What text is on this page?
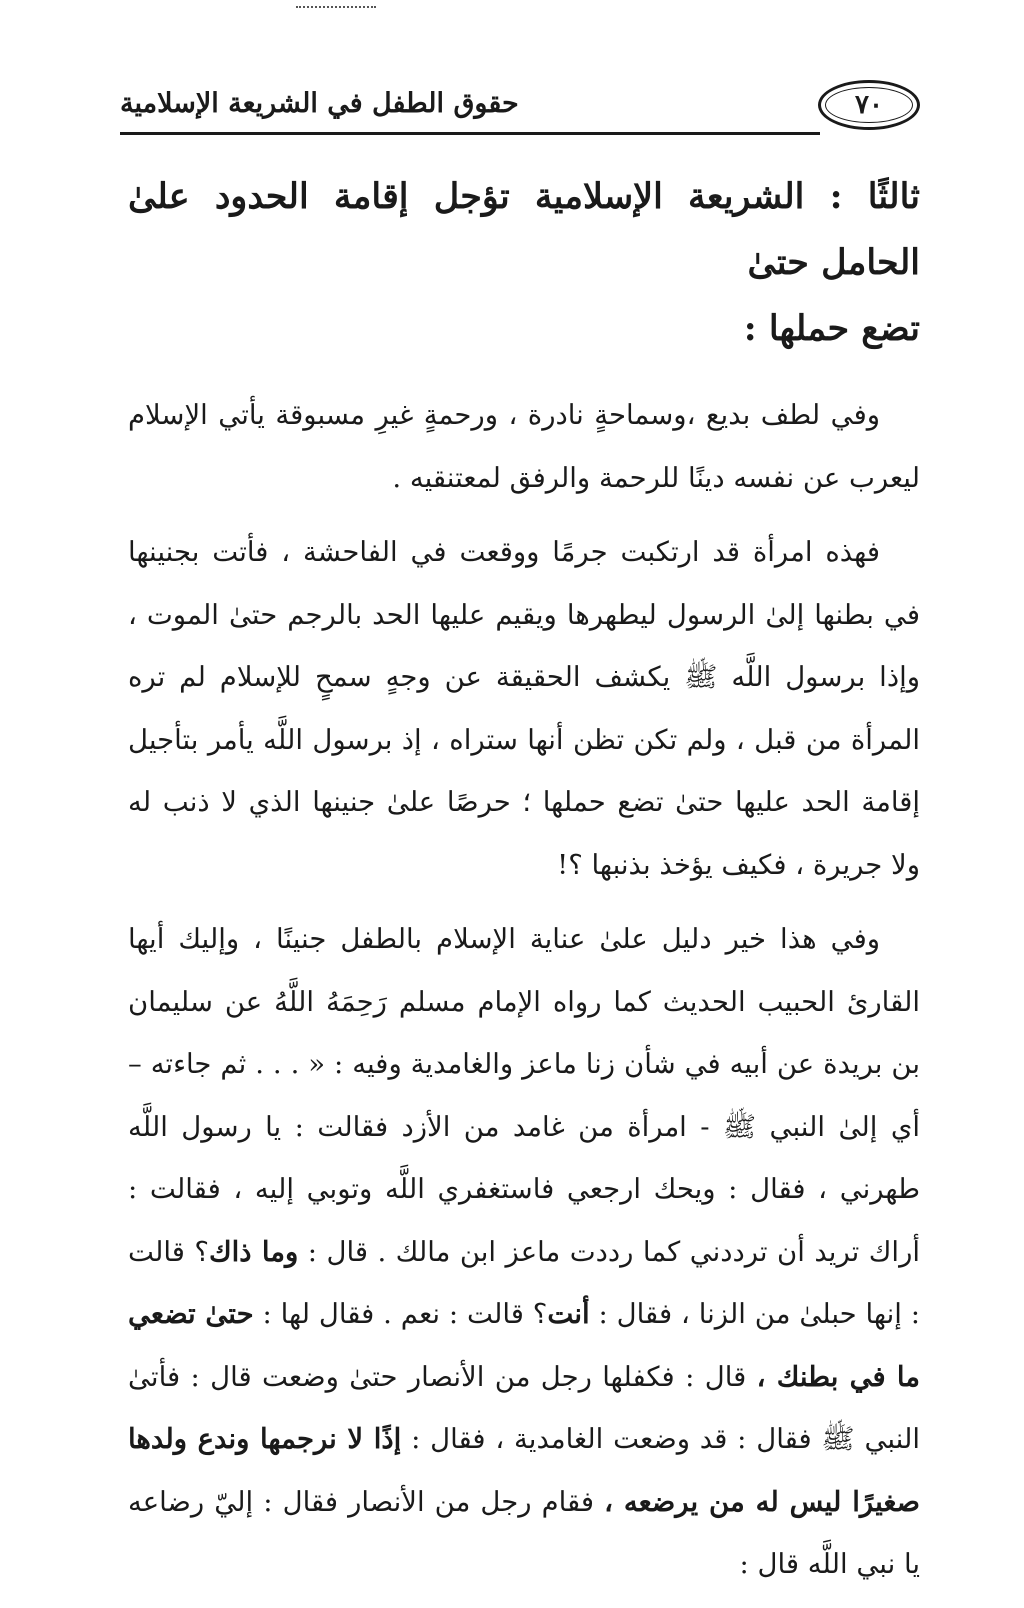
حقوق الطفل في الشريعة الإسلامية	٧٠
ثالثًا : الشريعة الإسلامية تؤجل إقامة الحدود علىٰ الحامل حتىٰ
تضع حملها :

وفي لطف بديع ،وسماحةٍ نادرة ، ورحمةٍ غيرِ مسبوقة يأتي الإسلام ليعرب عن نفسه دينًا للرحمة والرفق لمعتنقيه .

فهذه امرأة قد ارتكبت جرمًا ووقعت في الفاحشة ، فأتت بجنينها في بطنها إلىٰ الرسول ليطهرها ويقيم عليها الحد بالرجم حتىٰ الموت ، وإذا برسول اللَّه ﷺ يكشف الحقيقة عن وجهٍ سمحٍ للإسلام لم تره المرأة من قبل ، ولم تكن تظن أنها ستراه ، إذ برسول اللَّه يأمر بتأجيل إقامة الحد عليها حتىٰ تضع حملها ؛ حرصًا علىٰ جنينها الذي لا ذنب له ولا جريرة ، فكيف يؤخذ بذنبها ؟!

وفي هذا خير دليل علىٰ عناية الإسلام بالطفل جنينًا ، وإليك أيها القارئ الحبيب الحديث كما رواه الإمام مسلم رَحِمَهُ اللَّهُ عن سليمان بن بريدة عن أبيه في شأن زنا ماعز والغامدية وفيه : « . . . ثم جاءته – أي إلىٰ النبي ﷺ - امرأة من غامد من الأزد فقالت : يا رسول اللَّه طهرني ، فقال : ويحك ارجعي فاستغفري اللَّه وتوبي إليه ، فقالت : أراك تريد أن ترددني كما رددت ماعز ابن مالك . قال : وما ذاك؟ قالت : إنها حبلىٰ من الزنا ، فقال : أنت؟ قالت : نعم . فقال لها : حتىٰ تضعي ما في بطنك ، قال : فكفلها رجل من الأنصار حتىٰ وضعت قال : فأتىٰ النبي ﷺ فقال : قد وضعت الغامدية ، فقال : إذًا لا نرجمها وندع ولدها صغيرًا ليس له من يرضعه ، فقام رجل من الأنصار فقال : إليّ رضاعه يا نبي اللَّه قال :
